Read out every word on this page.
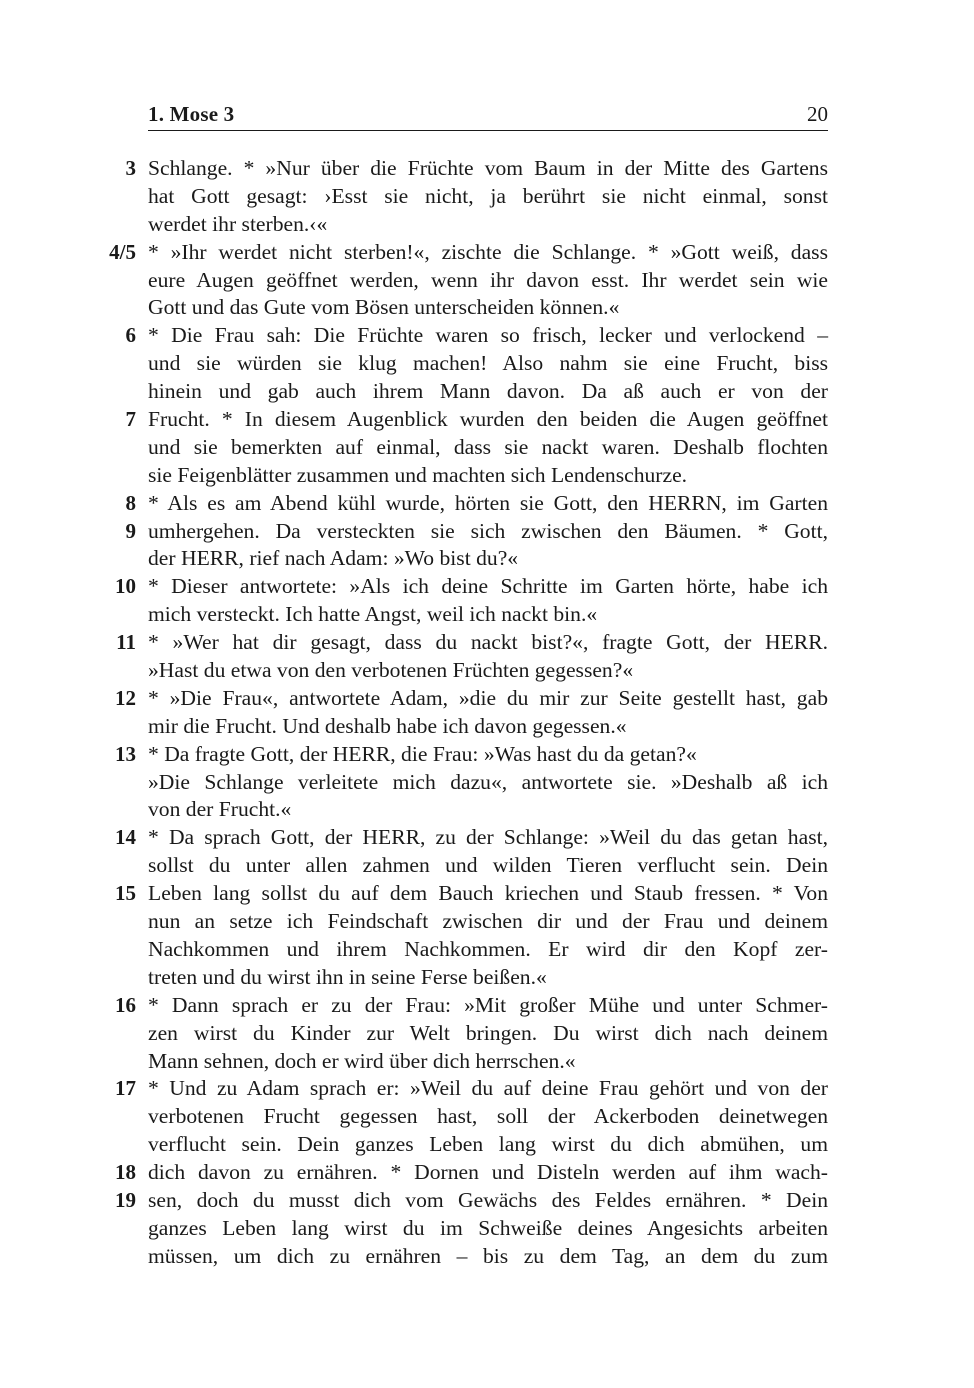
1. Mose 3	20
3 Schlange. * »Nur über die Früchte vom Baum in der Mitte des Gartens
hat Gott gesagt: ›Esst sie nicht, ja berührt sie nicht einmal, sonst
werdet ihr sterben.‹«
4/5 * »Ihr werdet nicht sterben!«, zischte die Schlange. * »Gott weiß, dass
eure Augen geöffnet werden, wenn ihr davon esst. Ihr werdet sein wie
Gott und das Gute vom Bösen unterscheiden können.«
6 * Die Frau sah: Die Früchte waren so frisch, lecker und verlockend –
und sie würden sie klug machen! Also nahm sie eine Frucht, biss
hinein und gab auch ihrem Mann davon. Da aß auch er von der
7 Frucht. * In diesem Augenblick wurden den beiden die Augen geöffnet
und sie bemerkten auf einmal, dass sie nackt waren. Deshalb flochten
sie Feigenblätter zusammen und machten sich Lendenschurze.
8 * Als es am Abend kühl wurde, hörten sie Gott, den HERRN, im Garten
9 umhergehen. Da versteckten sie sich zwischen den Bäumen. * Gott,
der HERR, rief nach Adam: »Wo bist du?«
10 * Dieser antwortete: »Als ich deine Schritte im Garten hörte, habe ich
mich versteckt. Ich hatte Angst, weil ich nackt bin.«
11 * »Wer hat dir gesagt, dass du nackt bist?«, fragte Gott, der HERR.
»Hast du etwa von den verbotenen Früchten gegessen?«
12 * »Die Frau«, antwortete Adam, »die du mir zur Seite gestellt hast, gab
mir die Frucht. Und deshalb habe ich davon gegessen.«
13 * Da fragte Gott, der HERR, die Frau: »Was hast du da getan?«
»Die Schlange verleitete mich dazu«, antwortete sie. »Deshalb aß ich
von der Frucht.«
14 * Da sprach Gott, der HERR, zu der Schlange: »Weil du das getan hast,
sollst du unter allen zahmen und wilden Tieren verflucht sein. Dein
15 Leben lang sollst du auf dem Bauch kriechen und Staub fressen. * Von
nun an setze ich Feindschaft zwischen dir und der Frau und deinem
Nachkommen und ihrem Nachkommen. Er wird dir den Kopf zer-
treten und du wirst ihn in seine Ferse beißen.«
16 * Dann sprach er zu der Frau: »Mit großer Mühe und unter Schmer-
zen wirst du Kinder zur Welt bringen. Du wirst dich nach deinem
Mann sehnen, doch er wird über dich herrschen.«
17 * Und zu Adam sprach er: »Weil du auf deine Frau gehört und von der
verbotenen Frucht gegessen hast, soll der Ackerboden deinetwegen
verflucht sein. Dein ganzes Leben lang wirst du dich abmühen, um
18 dich davon zu ernähren. * Dornen und Disteln werden auf ihm wach-
19 sen, doch du musst dich vom Gewächs des Feldes ernähren. * Dein
ganzes Leben lang wirst du im Schweiße deines Angesichts arbeiten
müssen, um dich zu ernähren – bis zu dem Tag, an dem du zum
